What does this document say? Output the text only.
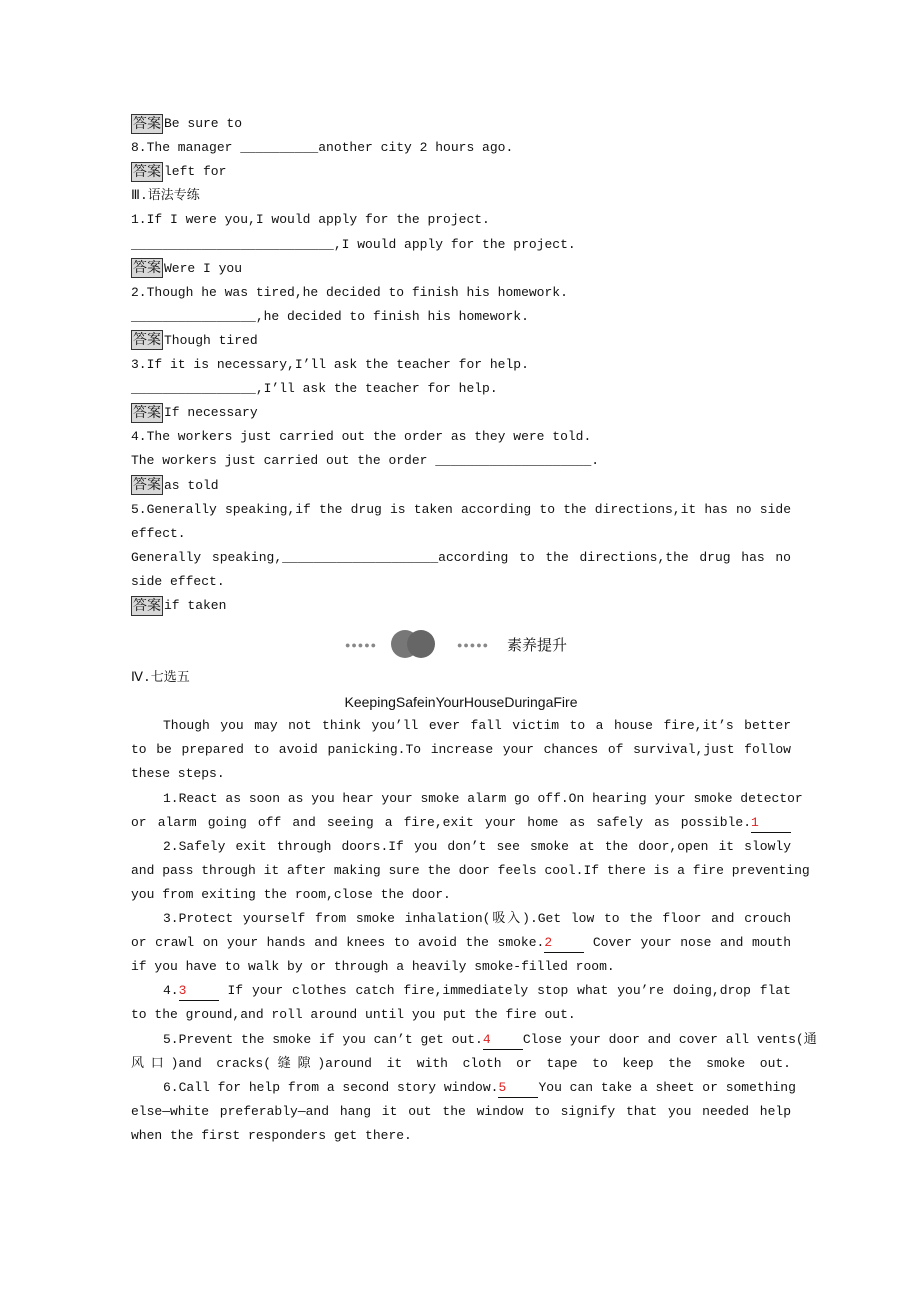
答案 Be sure to
8.The manager __________another city 2 hours ago.
答案 left for
Ⅲ.语法专练
1.If I were you,I would apply for the project.
__________________________,I would apply for the project.
答案 Were I you
2.Though he was tired,he decided to finish his homework.
________________,he decided to finish his homework.
答案 Though tired
3.If it is necessary,I’ll ask the teacher for help.
________________,I’ll ask the teacher for help.
答案 If necessary
4.The workers just carried out the order as they were told.
The workers just carried out the order ____________________.
答案 as told
5.Generally speaking,if the drug is taken according to the directions,it has no side
effect.
Generally speaking,____________________according to the directions,the drug has no
side effect.
答案 if taken
●●●●●	●●●●● 素养提升
Ⅳ.七选五
KeepingSafeinYourHouseDuringaFire
Though you may not think you’ll ever fall victim to a house fire,it’s better
to be prepared to avoid panicking.To increase your chances of survival,just follow
these steps.
1.React as soon as you hear your smoke alarm go off.On hearing your smoke detector
or alarm going off and seeing a fire,exit your home as safely as possible.1
2.Safely exit through doors.If you don’t see smoke at the door,open it slowly
and pass through it after making sure the door feels cool.If there is a fire preventing
you from exiting the room,close the door.
3.Protect yourself from smoke inhalation(吸入).Get low to the floor and crouch
or crawl on your hands and knees to avoid the smoke.2 Cover your nose and mouth
if you have to walk by or through a heavily smoke-filled room.
4.3 If your clothes catch fire,immediately stop what you’re doing,drop flat
to the ground,and roll around until you put the fire out.
5.Prevent the smoke if you can’t get out.4 Close your door and cover all vents(通
风口)and cracks(缝隙)around it with cloth or tape to keep the smoke out.
6.Call for help from a second story window.5 You can take a sheet or something
else—white preferably—and hang it out the window to signify that you needed help
when the first responders get there.
